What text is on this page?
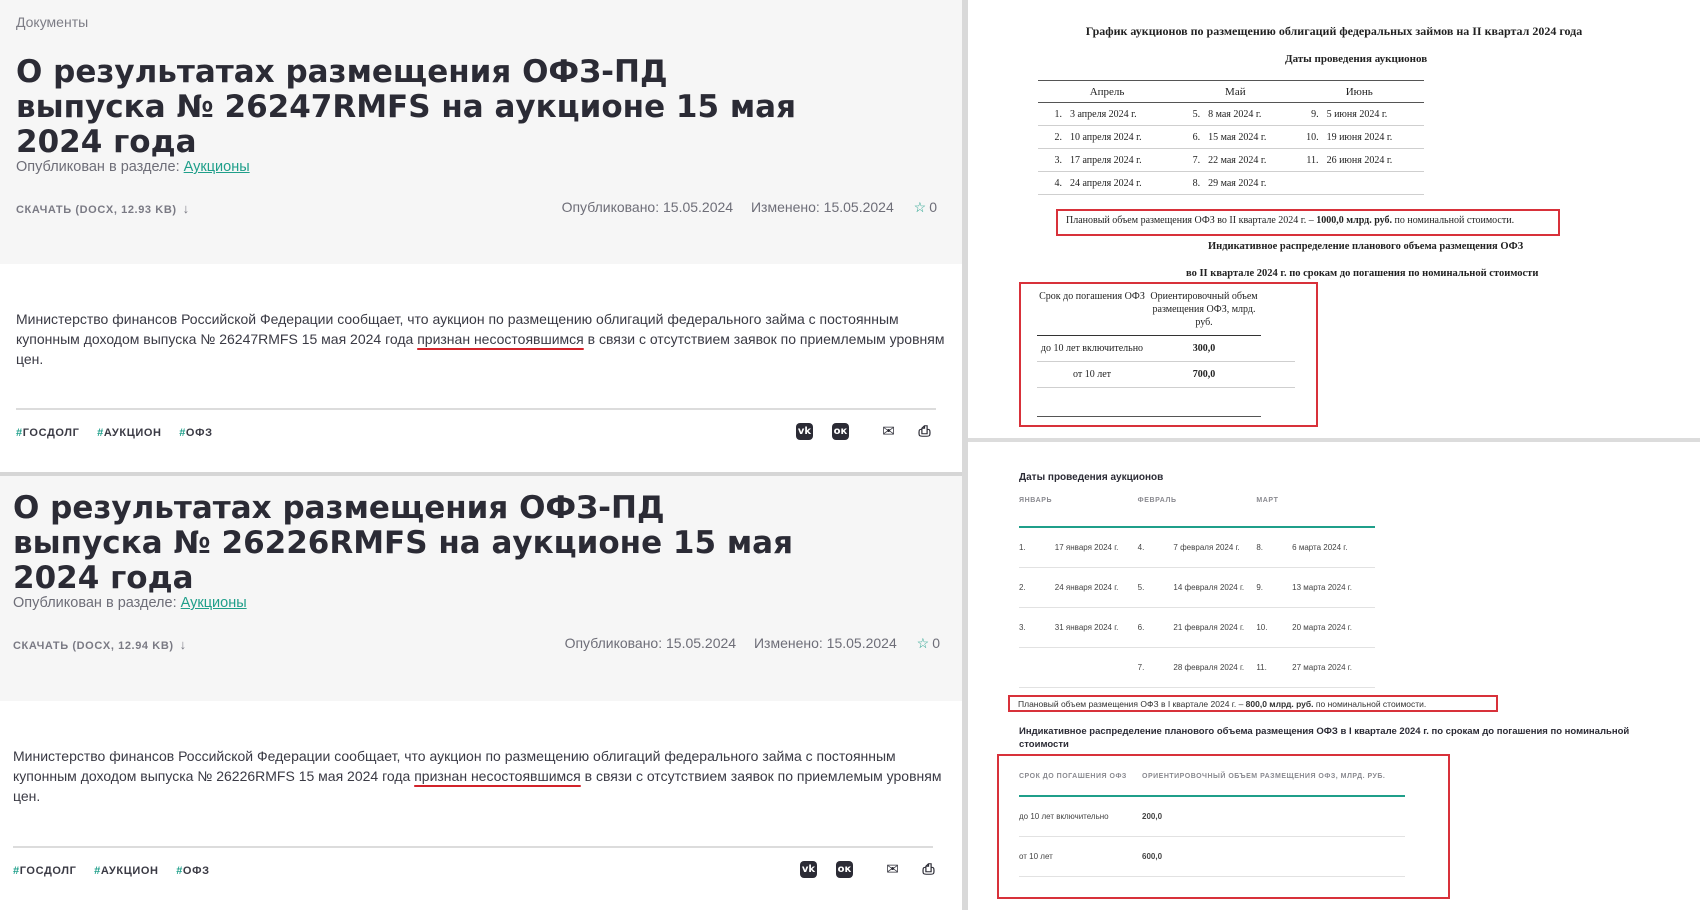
Документы
О результатах размещения ОФЗ-ПД выпуска № 26247RMFS на аукционе 15 мая 2024 года
Опубликован в разделе: Аукционы
СКАЧАТЬ (DOCX, 12.93 KB) ↓	Опубликовано: 15.05.2024 Изменено: 15.05.2024 ☆ 0

Министерство финансов Российской Федерации сообщает, что аукцион по размещению облигаций федерального займа с постоянным купонным доходом выпуска № 26247RMFS 15 мая 2024 года признан несостоявшимся в связи с отсутствием заявок по приемлемым уровням цен.

#ГОСДОЛГ #АУКЦИОН #ОФЗ	vk ок ✉ ⎙
О результатах размещения ОФЗ-ПД выпуска № 26226RMFS на аукционе 15 мая 2024 года
Опубликован в разделе: Аукционы
СКАЧАТЬ (DOCX, 12.94 KB) ↓	Опубликовано: 15.05.2024 Изменено: 15.05.2024 ☆ 0

Министерство финансов Российской Федерации сообщает, что аукцион по размещению облигаций федерального займа с постоянным купонным доходом выпуска № 26226RMFS 15 мая 2024 года признан несостоявшимся в связи с отсутствием заявок по приемлемым уровням цен.

#ГОСДОЛГ #АУКЦИОН #ОФЗ	vk ок ✉ ⎙
График аукционов по размещению облигаций федеральных займов на II квартал 2024 года
Даты проведения аукционов
Апрель		Maй		Июнь	
1.	3 апреля 2024 г.	5.	8 мая 2024 г.	9.	5 июня 2024 г.
2.	10 апреля 2024 г.	6.	15 мая 2024 г.	10.	19 июня 2024 г.
3.	17 апреля 2024 г.	7.	22 мая 2024 г.	11.	26 июня 2024 г.
4.	24 апреля 2024 г.	8.	29 мая 2024 г.		
Плановый объем размещения ОФЗ во II квартале 2024 г. – 1000,0 млрд. руб. по номинальной стоимости.
Индикативное распределение планового объема размещения ОФЗ
во II квартале 2024 г. по срокам до погашения по номинальной стоимости
Срок до погашения ОФЗ	Ориентировочный объем размещения ОФЗ, млрд. руб.	
до 10 лет включительно	300,0	
от 10 лет	700,0	
Даты проведения аукционов
ЯНВАРЬ		ФЕВРАЛЬ		МАРТ	
1.	17 января 2024 г.	4.	7 февраля 2024 г.	8.	6 марта 2024 г.
2.	24 января 2024 г.	5.	14 февраля 2024 г.	9.	13 марта 2024 г.
3.	31 января 2024 г.	6.	21 февраля 2024 г.	10.	20 марта 2024 г.
		7.	28 февраля 2024 г.	11.	27 марта 2024 г.
Плановый объем размещения ОФЗ в I квартале 2024 г. – 800,0 млрд. руб. по номинальной стоимости.
Индикативное распределение планового объема размещения ОФЗ в I квартале 2024 г. по срокам до погашения по номинальной стоимости
СРОК ДО ПОГАШЕНИЯ ОФЗ	ОРИЕНТИРОВОЧНЫЙ ОБЪЕМ РАЗМЕЩЕНИЯ ОФЗ, МЛРД. РУБ.
до 10 лет включительно	200,0
от 10 лет	600,0
